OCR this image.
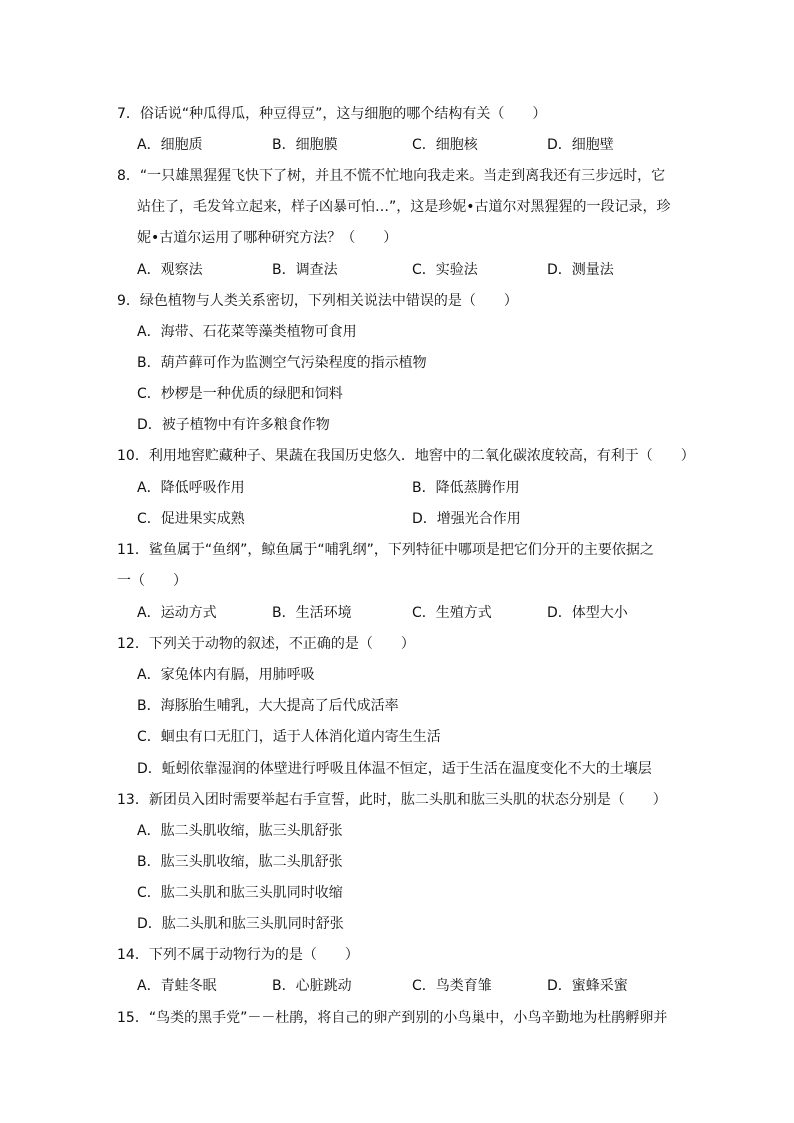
7．俗话说“种瓜得瓜，种豆得豆”，这与细胞的哪个结构有关（　　）
A．细胞质	B．细胞膜	C．细胞核	D．细胞壁
8．“一只雄黑猩猩飞快下了树，并且不慌不忙地向我走来。当走到离我还有三步远时，它
站住了，毛发耸立起来，样子凶暴可怕…”，这是珍妮•古道尔对黑猩猩的一段记录，珍
妮•古道尔运用了哪种研究方法？（　　）
A．观察法	B．调查法	C．实验法	D．测量法
9．绿色植物与人类关系密切，下列相关说法中错误的是（　　）
A．海带、石花菜等藻类植物可食用
B．葫芦藓可作为监测空气污染程度的指示植物
C．杪椤是一种优质的绿肥和饲料
D．被子植物中有许多粮食作物
10．利用地窖贮藏种子、果蔬在我国历史悠久．地窖中的二氧化碳浓度较高，有利于（　　）
A．降低呼吸作用	B．降低蒸腾作用
C．促进果实成熟	D．增强光合作用
11．鲨鱼属于“鱼纲”，鲸鱼属于“哺乳纲”，下列特征中哪项是把它们分开的主要依据之
一（　　）
A．运动方式	B．生活环境	C．生殖方式	D．体型大小
12．下列关于动物的叙述，不正确的是（　　）
A．家兔体内有膈，用肺呼吸
B．海豚胎生哺乳，大大提高了后代成活率
C．蛔虫有口无肛门，适于人体消化道内寄生生活
D．蚯蚓依靠湿润的体壁进行呼吸且体温不恒定，适于生活在温度变化不大的土壤层
13．新团员入团时需要举起右手宣誓，此时，肱二头肌和肱三头肌的状态分别是（　　）
A．肱二头肌收缩，肱三头肌舒张
B．肱三头肌收缩，肱二头肌舒张
C．肱二头肌和肱三头肌同时收缩
D．肱二头肌和肱三头肌同时舒张
14．下列不属于动物行为的是（　　）
A．青蛙冬眠	B．心脏跳动	C．鸟类育雏	D．蜜蜂采蜜
15．“鸟类的黑手党”－－杜鹃，将自己的卵产到别的小鸟巢中，小鸟辛勤地为杜鹃孵卵并
